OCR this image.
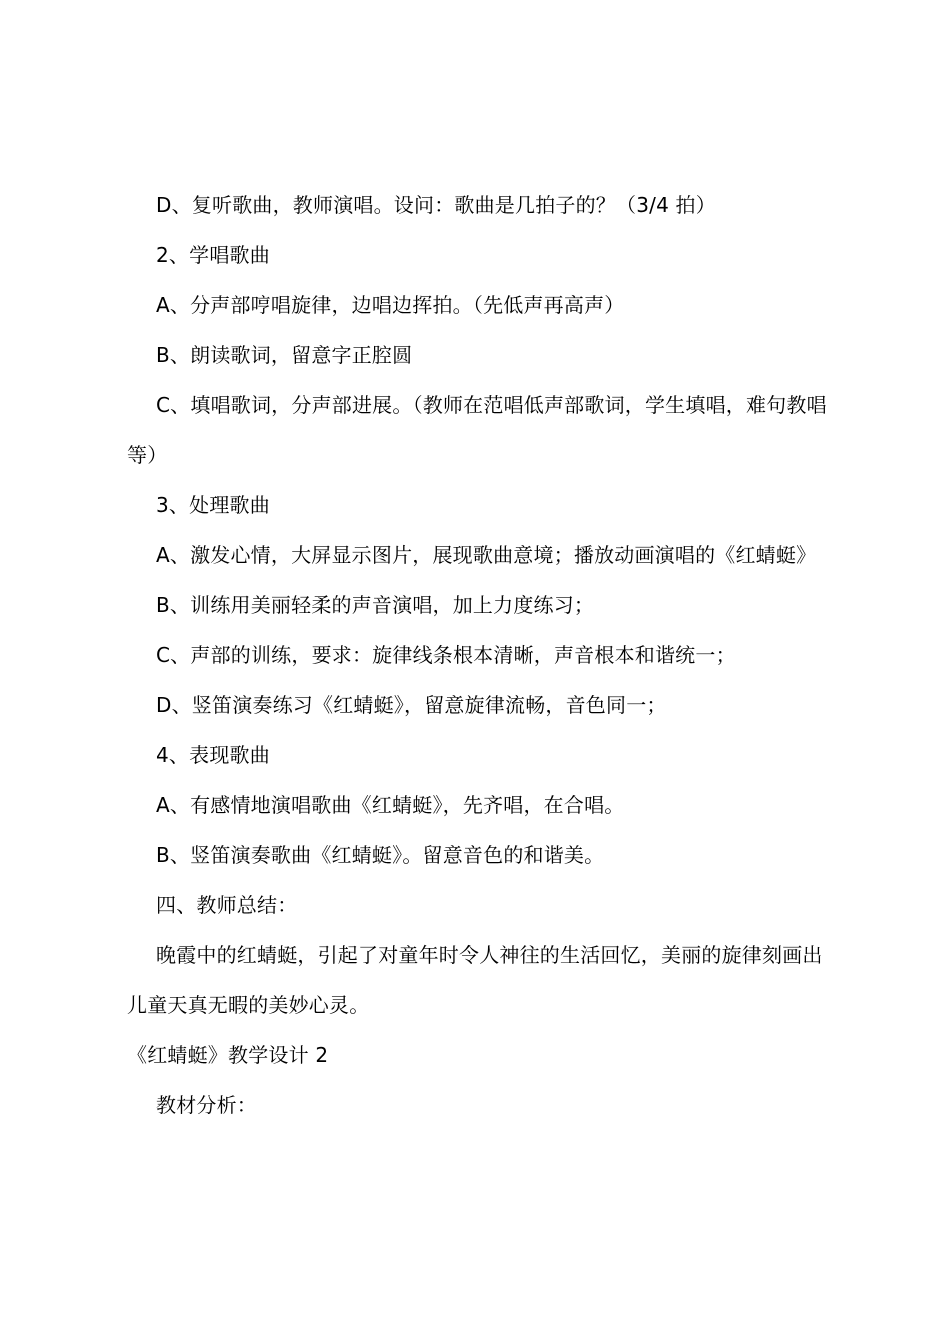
D、复听歌曲，教师演唱。设问：歌曲是几拍子的？（3/4 拍）

2、学唱歌曲

A、分声部哼唱旋律，边唱边挥拍。（先低声再高声）

B、朗读歌词，留意字正腔圆

C、填唱歌词，分声部进展。（教师在范唱低声部歌词，学生填唱，难句教唱等）

3、处理歌曲

A、激发心情，大屏显示图片，展现歌曲意境；播放动画演唱的《红蜻蜓》

B、训练用美丽轻柔的声音演唱，加上力度练习；

C、声部的训练，要求：旋律线条根本清晰，声音根本和谐统一；

D、竖笛演奏练习《红蜻蜓》，留意旋律流畅，音色同一；

4、表现歌曲

A、有感情地演唱歌曲《红蜻蜓》，先齐唱，在合唱。

B、竖笛演奏歌曲《红蜻蜓》。留意音色的和谐美。

四、教师总结：

晚霞中的红蜻蜓，引起了对童年时令人神往的生活回忆，美丽的旋律刻画出儿童天真无暇的美妙心灵。

《红蜻蜓》教学设计 2

教材分析：
